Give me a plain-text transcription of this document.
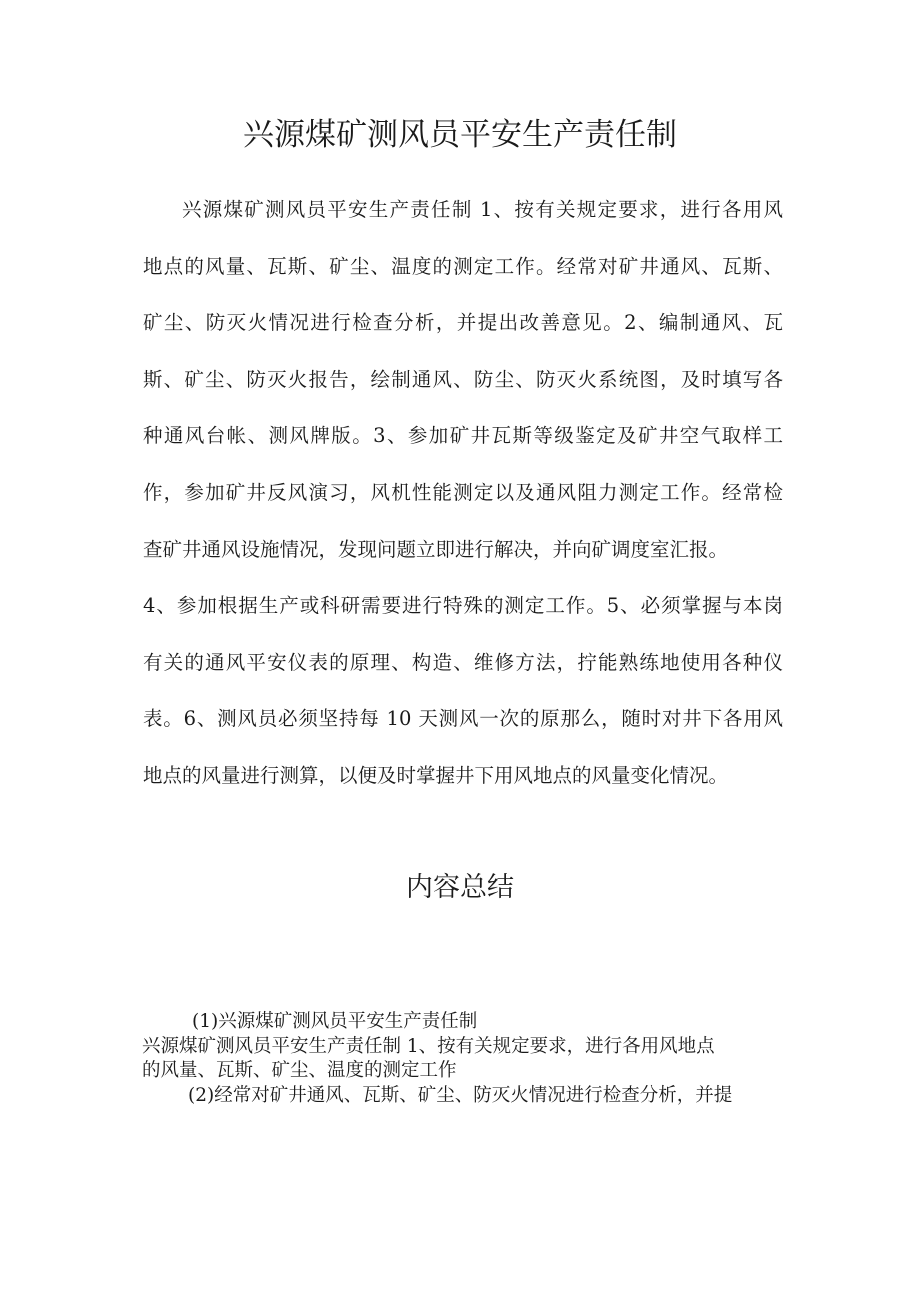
兴源煤矿测风员平安生产责任制
兴源煤矿测风员平安生产责任制 1、按有关规定要求，进行各用风
地点的风量、瓦斯、矿尘、温度的测定工作。经常对矿井通风、瓦斯、
矿尘、防灭火情况进行检查分析，并提出改善意见。2、编制通风、瓦
斯、矿尘、防灭火报告，绘制通风、防尘、防灭火系统图，及时填写各
种通风台帐、测风牌版。3、参加矿井瓦斯等级鉴定及矿井空气取样工
作，参加矿井反风演习，风机性能测定以及通风阻力测定工作。经常检
查矿井通风设施情况，发现问题立即进行解决，并向矿调度室汇报。
4、参加根据生产或科研需要进行特殊的测定工作。5、必须掌握与本岗
有关的通风平安仪表的原理、构造、维修方法，拧能熟练地使用各种仪
表。6、测风员必须坚持每 10 天测风一次的原那么，随时对井下各用风
地点的风量进行测算，以便及时掌握井下用风地点的风量变化情况。
内容总结
(1)兴源煤矿测风员平安生产责任制
兴源煤矿测风员平安生产责任制 1、按有关规定要求，进行各用风地点
的风量、瓦斯、矿尘、温度的测定工作
(2)经常对矿井通风、瓦斯、矿尘、防灭火情况进行检查分析，并提
